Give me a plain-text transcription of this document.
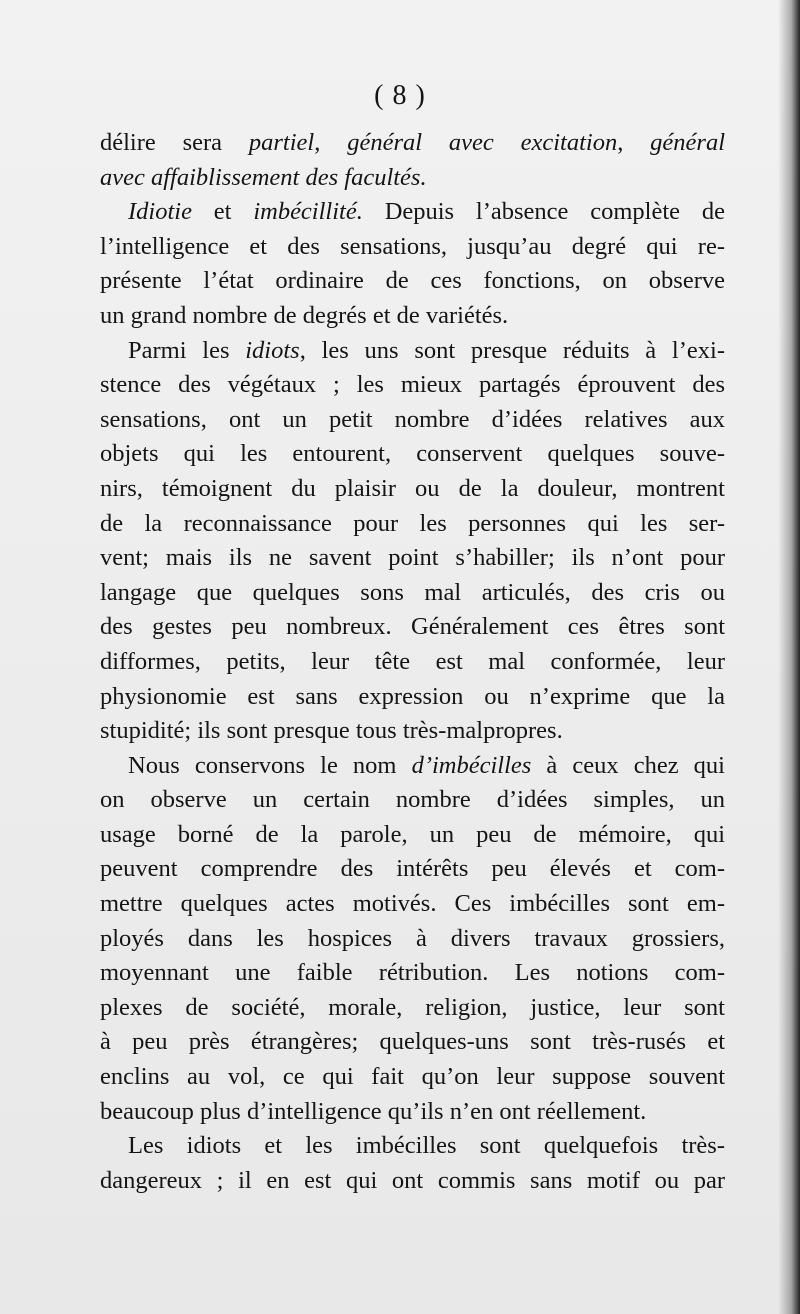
( 8 )
délire sera partiel, général avec excitation, général
avec affaiblissement des facultés.
Idiotie et imbécillité. Depuis l’absence complète de
l’intelligence et des sensations, jusqu’au degré qui re-
présente l’état ordinaire de ces fonctions, on observe
un grand nombre de degrés et de variétés.
Parmi les idiots, les uns sont presque réduits à l’exi-
stence des végétaux ; les mieux partagés éprouvent des
sensations, ont un petit nombre d’idées relatives aux
objets qui les entourent, conservent quelques souve-
nirs, témoignent du plaisir ou de la douleur, montrent
de la reconnaissance pour les personnes qui les ser-
vent; mais ils ne savent point s’habiller; ils n’ont pour
langage que quelques sons mal articulés, des cris ou
des gestes peu nombreux. Généralement ces êtres sont
difformes, petits, leur tête est mal conformée, leur
physionomie est sans expression ou n’exprime que la
stupidité; ils sont presque tous très-malpropres.
Nous conservons le nom d’imbécilles à ceux chez qui
on observe un certain nombre d’idées simples, un
usage borné de la parole, un peu de mémoire, qui
peuvent comprendre des intérêts peu élevés et com-
mettre quelques actes motivés. Ces imbécilles sont em-
ployés dans les hospices à divers travaux grossiers,
moyennant une faible rétribution. Les notions com-
plexes de société, morale, religion, justice, leur sont
à peu près étrangères; quelques-uns sont très-rusés et
enclins au vol, ce qui fait qu’on leur suppose souvent
beaucoup plus d’intelligence qu’ils n’en ont réellement.
Les idiots et les imbécilles sont quelquefois très-
dangereux ; il en est qui ont commis sans motif ou par
